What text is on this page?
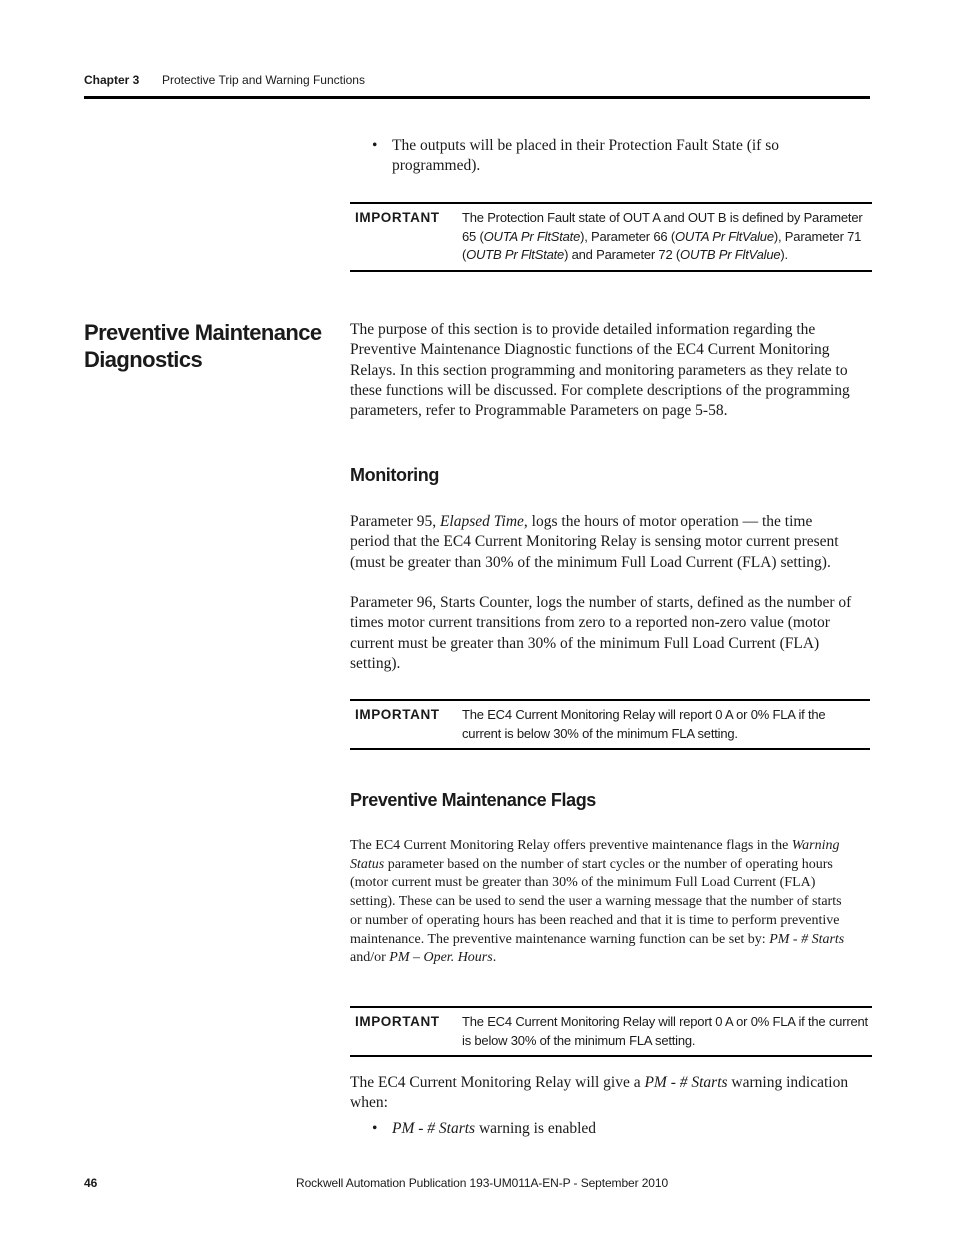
Chapter 3 Protective Trip and Warning Functions
• The outputs will be placed in their Protection Fault State (if so
programmed).
IMPORTANT The Protection Fault state of OUT A and OUT B is defined by Parameter
65 (OUTA Pr FltState), Parameter 66 (OUTA Pr FltValue), Parameter 71
(OUTB Pr FltState) and Parameter 72 (OUTB Pr FltValue).
Preventive Maintenance
Diagnostics
The purpose of this section is to provide detailed information regarding the
Preventive Maintenance Diagnostic functions of the EC4 Current Monitoring
Relays. In this section programming and monitoring parameters as they relate to
these functions will be discussed. For complete descriptions of the programming
parameters, refer to Programmable Parameters on page 5-58.
Monitoring
Parameter 95, Elapsed Time, logs the hours of motor operation — the time
period that the EC4 Current Monitoring Relay is sensing motor current present
(must be greater than 30% of the minimum Full Load Current (FLA) setting).
Parameter 96, Starts Counter, logs the number of starts, defined as the number of
times motor current transitions from zero to a reported non-zero value (motor
current must be greater than 30% of the minimum Full Load Current (FLA)
setting).
IMPORTANT The EC4 Current Monitoring Relay will report 0 A or 0% FLA if the
current is below 30% of the minimum FLA setting.
Preventive Maintenance Flags
The EC4 Current Monitoring Relay offers preventive maintenance flags in the Warning
Status parameter based on the number of start cycles or the number of operating hours
(motor current must be greater than 30% of the minimum Full Load Current (FLA)
setting). These can be used to send the user a warning message that the number of starts
or number of operating hours has been reached and that it is time to perform preventive
maintenance. The preventive maintenance warning function can be set by: PM - # Starts
and/or PM – Oper. Hours.
IMPORTANT The EC4 Current Monitoring Relay will report 0 A or 0% FLA if the current
is below 30% of the minimum FLA setting.
The EC4 Current Monitoring Relay will give a PM - # Starts warning indication
when:
• PM - # Starts warning is enabled
46	Rockwell Automation Publication 193-UM011A-EN-P - September 2010
